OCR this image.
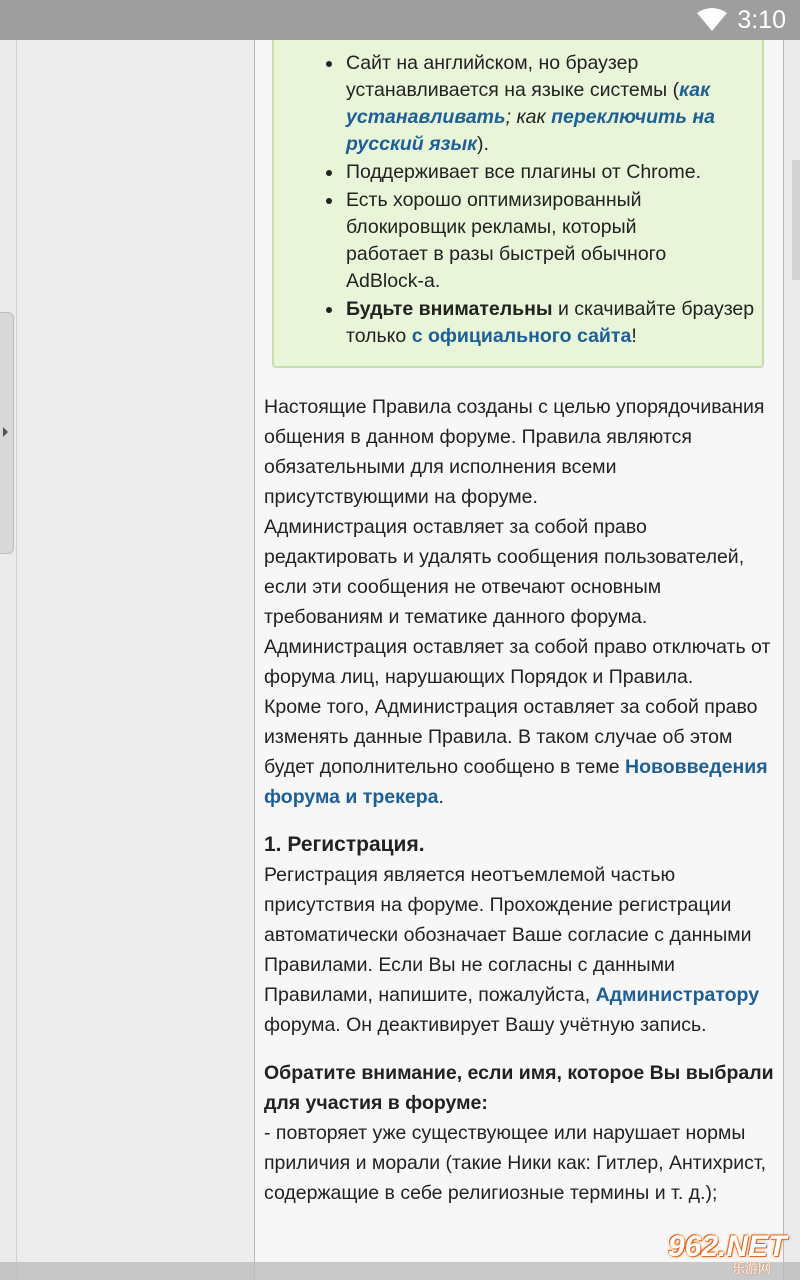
3:10
Сайт на английском, но браузер устанавливается на языке системы (как устанавливать; как переключить на русский язык).
Поддерживает все плагины от Chrome.
Есть хорошо оптимизированный блокировщик рекламы, который работает в разы быстрей обычного AdBlock-а.
Будьте внимательны и скачивайте браузер только с официального сайта!
Настоящие Правила созданы с целью упорядочивания общения в данном форуме. Правила являются обязательными для исполнения всеми присутствующими на форуме.
Администрация оставляет за собой право редактировать и удалять сообщения пользователей, если эти сообщения не отвечают основным требованиям и тематике данного форума.
Администрация оставляет за собой право отключать от форума лиц, нарушающих Порядок и Правила.
Кроме того, Администрация оставляет за собой право изменять данные Правила. В таком случае об этом будет дополнительно сообщено в теме Нововведения форума и трекера.
1. Регистрация.
Регистрация является неотъемлемой частью присутствия на форуме. Прохождение регистрации автоматически обозначает Ваше согласие с данными Правилами. Если Вы не согласны с данными Правилами, напишите, пожалуйста, Администратору форума. Он деактивирует Вашу учётную запись.
Обратите внимание, если имя, которое Вы выбрали для участия в форуме:
- повторяет уже существующее или нарушает нормы приличия и морали (такие Ники как: Гитлер, Антихрист, содержащие в себе религиозные термины и т. д.);
962.NET
乐游网
